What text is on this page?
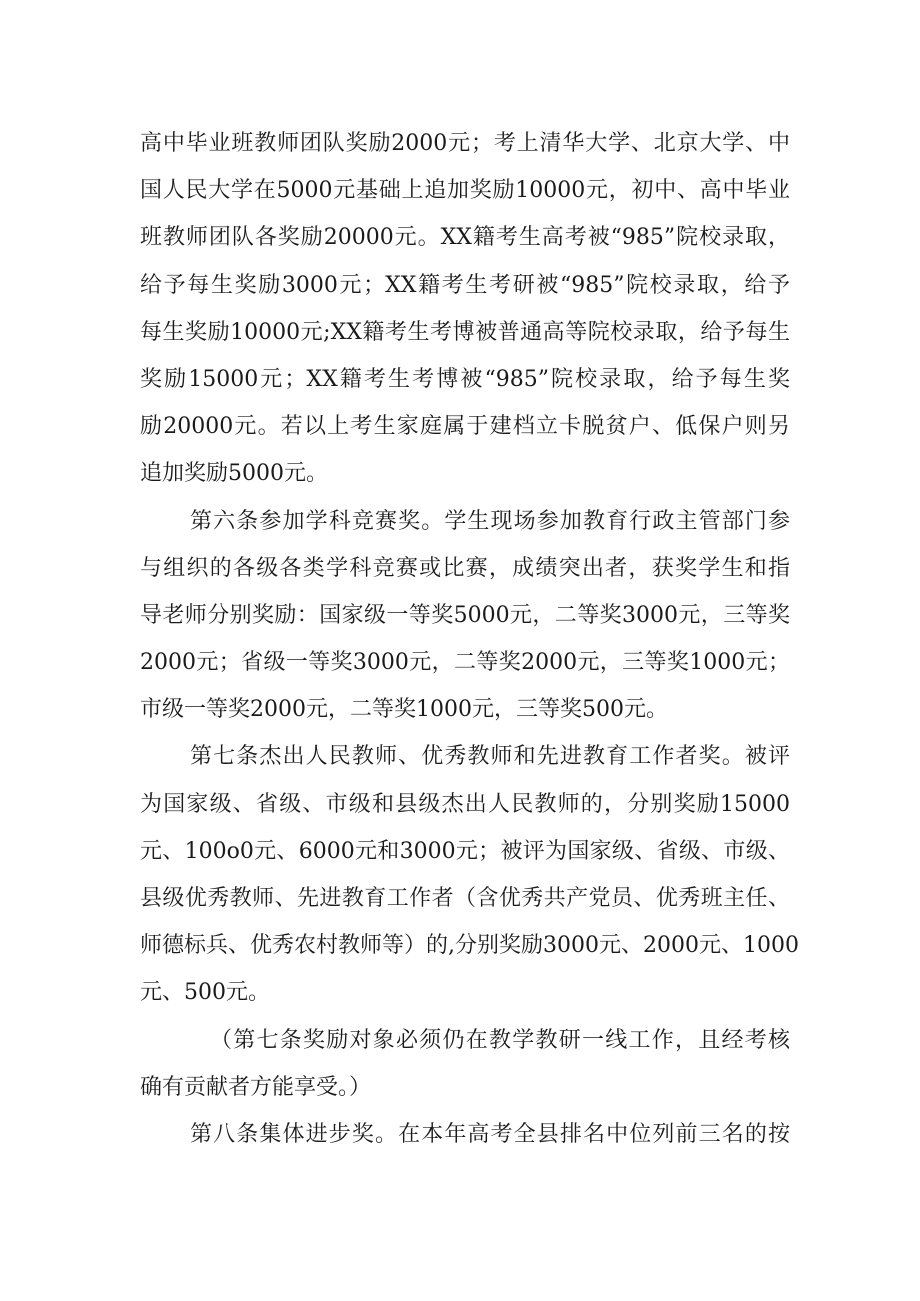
高中毕业班教师团队奖励2000元；考上清华大学、北京大学、中
国人民大学在5000元基础上追加奖励10000元，初中、高中毕业
班教师团队各奖励20000元。XX籍考生高考被“985”院校录取，
给予每生奖励3000元；XX籍考生考研被“985”院校录取，给予
每生奖励10000元;XX籍考生考博被普通高等院校录取，给予每生
奖励15000元；XX籍考生考博被“985”院校录取，给予每生奖
励20000元。若以上考生家庭属于建档立卡脱贫户、低保户则另
追加奖励5000元。
第六条参加学科竞赛奖。学生现场参加教育行政主管部门参
与组织的各级各类学科竞赛或比赛，成绩突出者，获奖学生和指
导老师分别奖励：国家级一等奖5000元，二等奖3000元，三等奖
2000元；省级一等奖3000元，二等奖2000元，三等奖1000元；
市级一等奖2000元，二等奖1000元，三等奖500元。
第七条杰出人民教师、优秀教师和先进教育工作者奖。被评
为国家级、省级、市级和县级杰出人民教师的，分别奖励15000
元、100o0元、6000元和3000元；被评为国家级、省级、市级、
县级优秀教师、先进教育工作者（含优秀共产党员、优秀班主任、
师德标兵、优秀农村教师等）的,分别奖励3000元、2000元、1000
元、500元。
（第七条奖励对象必须仍在教学教研一线工作，且经考核
确有贡献者方能享受。）
第八条集体进步奖。在本年高考全县排名中位列前三名的按
